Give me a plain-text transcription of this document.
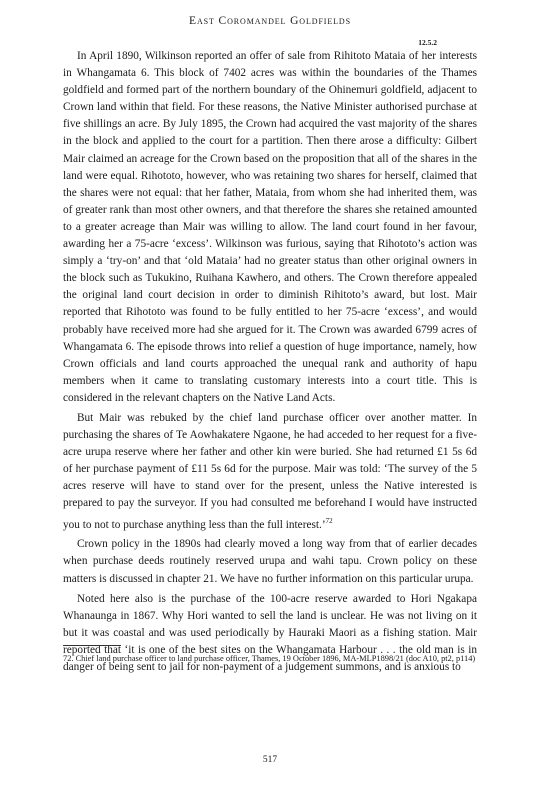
East Coromandel Goldfields
12.5.2

In April 1890, Wilkinson reported an offer of sale from Rihitoto Mataia of her interests in Whangamata 6. This block of 7402 acres was within the boundaries of the Thames goldfield and formed part of the northern boundary of the Ohinemuri goldfield, adjacent to Crown land within that field. For these reasons, the Native Minister authorised purchase at five shillings an acre. By July 1895, the Crown had acquired the vast majority of the shares in the block and applied to the court for a partition. Then there arose a difficulty: Gilbert Mair claimed an acreage for the Crown based on the proposition that all of the shares in the land were equal. Rihototo, however, who was retaining two shares for herself, claimed that the shares were not equal: that her father, Mataia, from whom she had inherited them, was of greater rank than most other owners, and that therefore the shares she retained amounted to a greater acreage than Mair was willing to allow. The land court found in her favour, awarding her a 75-acre ‘excess’. Wilkinson was furious, saying that Rihototo’s action was simply a ‘try-on’ and that ‘old Mataia’ had no greater status than other original owners in the block such as Tukukino, Ruihana Kawhero, and others. The Crown therefore appealed the original land court decision in order to diminish Rihitoto’s award, but lost. Mair reported that Rihototo was found to be fully entitled to her 75-acre ‘excess’, and would probably have received more had she argued for it. The Crown was awarded 6799 acres of Whangamata 6. The episode throws into relief a question of huge importance, namely, how Crown officials and land courts approached the unequal rank and authority of hapu members when it came to translating customary interests into a court title. This is considered in the relevant chapters on the Native Land Acts.

But Mair was rebuked by the chief land purchase officer over another matter. In purchasing the shares of Te Aowhakatere Ngaone, he had acceded to her request for a five-acre urupa reserve where her father and other kin were buried. She had returned £1 5s 6d of her purchase payment of £11 5s 6d for the purpose. Mair was told: ‘The survey of the 5 acres reserve will have to stand over for the present, unless the Native interested is prepared to pay the surveyor. If you had consulted me beforehand I would have instructed you to not to purchase anything less than the full interest.’$^{72}$

Crown policy in the 1890s had clearly moved a long way from that of earlier decades when purchase deeds routinely reserved urupa and wahi tapu. Crown policy on these matters is discussed in chapter 21. We have no further information on this particular urupa.

Noted here also is the purchase of the 100-acre reserve awarded to Hori Ngakapa Whanaunga in 1867. Why Hori wanted to sell the land is unclear. He was not living on it but it was coastal and was used periodically by Hauraki Maori as a fishing station. Mair reported that ‘it is one of the best sites on the Whangamata Harbour . . . the old man is in danger of being sent to jail for non-payment of a judgement summons, and is anxious to

72. Chief land purchase officer to land purchase officer, Thames, 19 October 1896, MA-MLP1898/21 (doc A10, pt2, p114)
517
